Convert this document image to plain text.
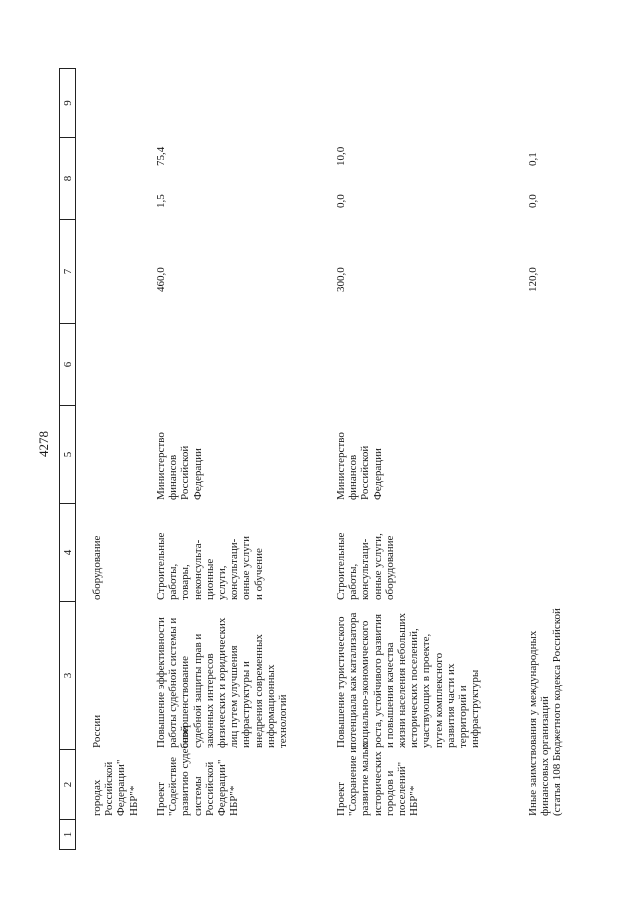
4278
1
2
3
4
5
6
7
8
9
городах Российской Федерации" НБР"*
России
оборудование
Проект "Содействие развитию судебной системы Российской Федерации" НБР"*
Повышение эффективности работы судебной системы и совершенствование судебной защиты прав и законных интересов физических и юридических лиц путем улучшения инфраструктуры и внедрения современных информационных технологий
Строительные работы, товары, неконсульта- ционные услуги, консультаци- онные услуги и обучение
Министерство финансов Российской Федерации
460,0
1,5
75,4
Проект "Сохранение и развитие малых исторических городов и поселений" НБР"*
Повышение туристического потенциала как катализатора социально-экономического роста, устойчивого развития и повышения качества жизни населения небольших исторических поселений, участвующих в проекте, путем комплексного развития части их территорий и инфраструктуры
Строительные работы, консультаци- онные услуги, оборудование
Министерство финансов Российской Федерации
300,0
0,0
10,0
Иные заимствования у международных финансовых организаций (статья 108 Бюджетного кодекса Российской
120,0
0,0
0,1
